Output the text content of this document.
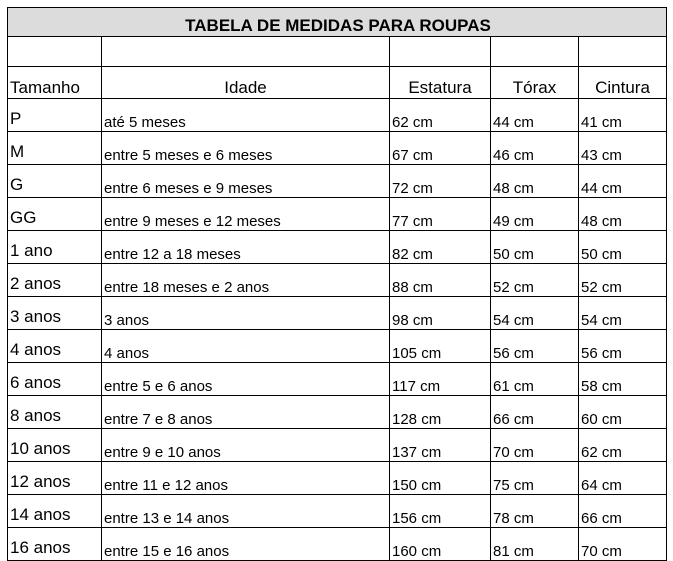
TABELA DE MEDIDAS PARA ROUPAS				

Tamanho	Idade	Estatura	Tórax	Cintura
P	até 5 meses	62 cm	44 cm	41 cm
M	entre 5 meses e 6 meses	67 cm	46 cm	43 cm
G	entre 6 meses e 9 meses	72 cm	48 cm	44 cm
GG	entre 9 meses e 12 meses	77 cm	49 cm	48 cm
1 ano	entre 12 a 18 meses	82 cm	50 cm	50 cm
2 anos	entre 18 meses e 2 anos	88 cm	52 cm	52 cm
3 anos	3 anos	98 cm	54 cm	54 cm
4 anos	4 anos	105 cm	56 cm	56 cm
6 anos	entre 5 e 6 anos	117 cm	61 cm	58 cm
8 anos	entre 7 e 8 anos	128 cm	66 cm	60 cm
10 anos	entre 9 e 10 anos	137 cm	70 cm	62 cm
12 anos	entre 11 e 12 anos	150 cm	75 cm	64 cm
14 anos	entre 13 e 14 anos	156 cm	78 cm	66 cm
16 anos	entre 15 e 16 anos	160 cm	81 cm	70 cm
